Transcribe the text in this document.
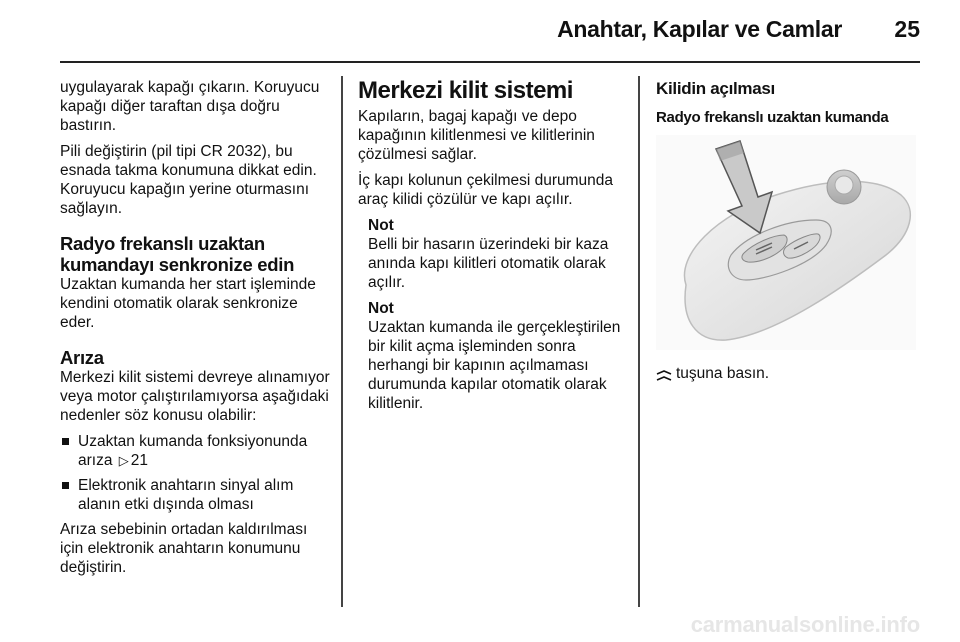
Anahtar, Kapılar ve Camlar 25

uygulayarak kapağı çıkarın. Koruyucu kapağı diğer taraftan dışa doğru bastırın.

Pili değiştirin (pil tipi CR 2032), bu esnada takma konumuna dikkat edin. Koruyucu kapağın yerine oturmasını sağlayın.

Radyo frekanslı uzaktan kumandayı senkronize edin

Uzaktan kumanda her start işleminde kendini otomatik olarak senkronize eder.

Arıza

Merkezi kilit sistemi devreye alınamıyor veya motor çalıştırılamıyorsa aşağıdaki nedenler söz konusu olabilir:

Uzaktan kumanda fonksiyonunda arıza ▷ 21
Elektronik anahtarın sinyal alım alanın etki dışında olması

Arıza sebebinin ortadan kaldırılması için elektronik anahtarın konumunu değiştirin.

Merkezi kilit sistemi

Kapıların, bagaj kapağı ve depo kapağının kilitlenmesi ve kilitlerinin çözülmesi sağlar.

İç kapı kolunun çekilmesi durumunda araç kilidi çözülür ve kapı açılır.

Not
Belli bir hasarın üzerindeki bir kaza anında kapı kilitleri otomatik olarak açılır.
Not
Uzaktan kumanda ile gerçekleştirilen bir kilit açma işleminden sonra herhangi bir kapının açılmaması durumunda kapılar otomatik olarak kilitlenir.
Kilidin açılması
Radyo frekanslı uzaktan kumanda
tuşuna basın.
carmanualsonline.info
